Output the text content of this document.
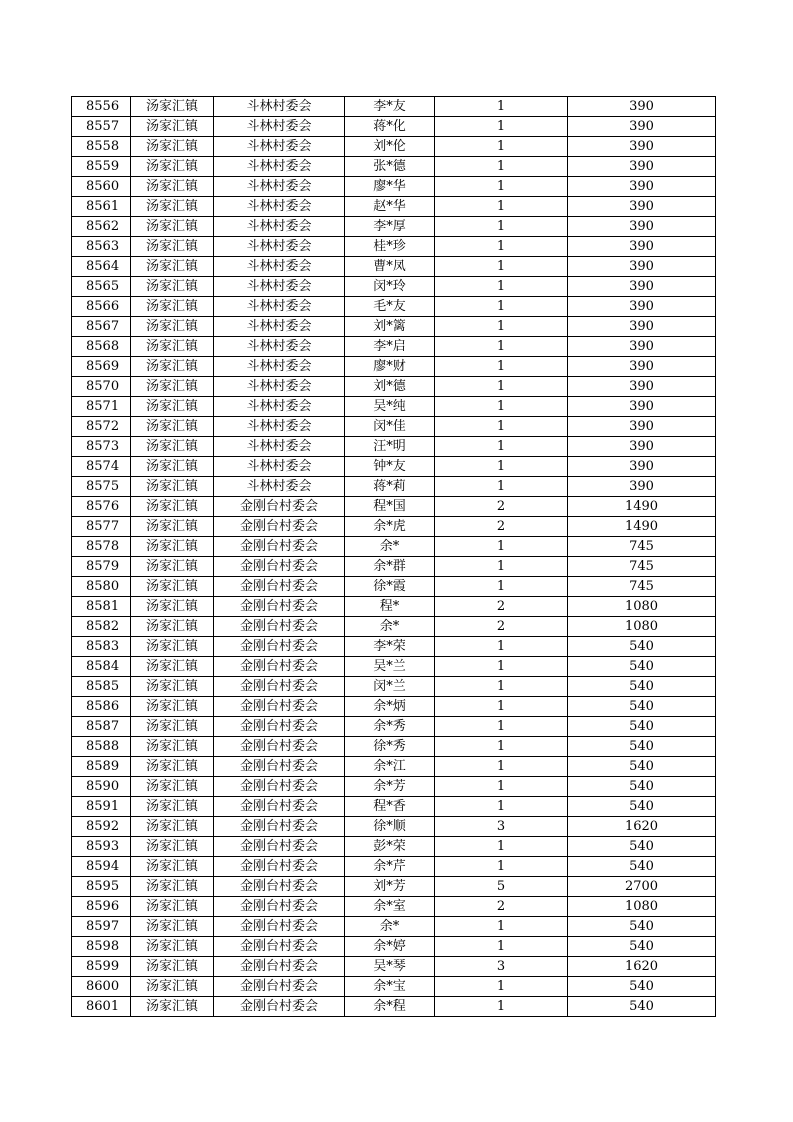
8556	汤家汇镇	斗林村委会	李*友	1	390
8557	汤家汇镇	斗林村委会	蒋*化	1	390
8558	汤家汇镇	斗林村委会	刘*伦	1	390
8559	汤家汇镇	斗林村委会	张*德	1	390
8560	汤家汇镇	斗林村委会	廖*华	1	390
8561	汤家汇镇	斗林村委会	赵*华	1	390
8562	汤家汇镇	斗林村委会	李*厚	1	390
8563	汤家汇镇	斗林村委会	桂*珍	1	390
8564	汤家汇镇	斗林村委会	曹*凤	1	390
8565	汤家汇镇	斗林村委会	闵*玲	1	390
8566	汤家汇镇	斗林村委会	毛*友	1	390
8567	汤家汇镇	斗林村委会	刘*篱	1	390
8568	汤家汇镇	斗林村委会	李*启	1	390
8569	汤家汇镇	斗林村委会	廖*财	1	390
8570	汤家汇镇	斗林村委会	刘*德	1	390
8571	汤家汇镇	斗林村委会	吴*纯	1	390
8572	汤家汇镇	斗林村委会	闵*佳	1	390
8573	汤家汇镇	斗林村委会	汪*明	1	390
8574	汤家汇镇	斗林村委会	钟*友	1	390
8575	汤家汇镇	斗林村委会	蒋*莉	1	390
8576	汤家汇镇	金刚台村委会	程*国	2	1490
8577	汤家汇镇	金刚台村委会	余*虎	2	1490
8578	汤家汇镇	金刚台村委会	余*	1	745
8579	汤家汇镇	金刚台村委会	余*群	1	745
8580	汤家汇镇	金刚台村委会	徐*霞	1	745
8581	汤家汇镇	金刚台村委会	程*	2	1080
8582	汤家汇镇	金刚台村委会	余*	2	1080
8583	汤家汇镇	金刚台村委会	李*荣	1	540
8584	汤家汇镇	金刚台村委会	吴*兰	1	540
8585	汤家汇镇	金刚台村委会	闵*兰	1	540
8586	汤家汇镇	金刚台村委会	余*炳	1	540
8587	汤家汇镇	金刚台村委会	余*秀	1	540
8588	汤家汇镇	金刚台村委会	徐*秀	1	540
8589	汤家汇镇	金刚台村委会	余*江	1	540
8590	汤家汇镇	金刚台村委会	余*芳	1	540
8591	汤家汇镇	金刚台村委会	程*香	1	540
8592	汤家汇镇	金刚台村委会	徐*顺	3	1620
8593	汤家汇镇	金刚台村委会	彭*荣	1	540
8594	汤家汇镇	金刚台村委会	余*芹	1	540
8595	汤家汇镇	金刚台村委会	刘*芳	5	2700
8596	汤家汇镇	金刚台村委会	余*室	2	1080
8597	汤家汇镇	金刚台村委会	余*	1	540
8598	汤家汇镇	金刚台村委会	余*婷	1	540
8599	汤家汇镇	金刚台村委会	吴*琴	3	1620
8600	汤家汇镇	金刚台村委会	余*宝	1	540
8601	汤家汇镇	金刚台村委会	余*程	1	540
